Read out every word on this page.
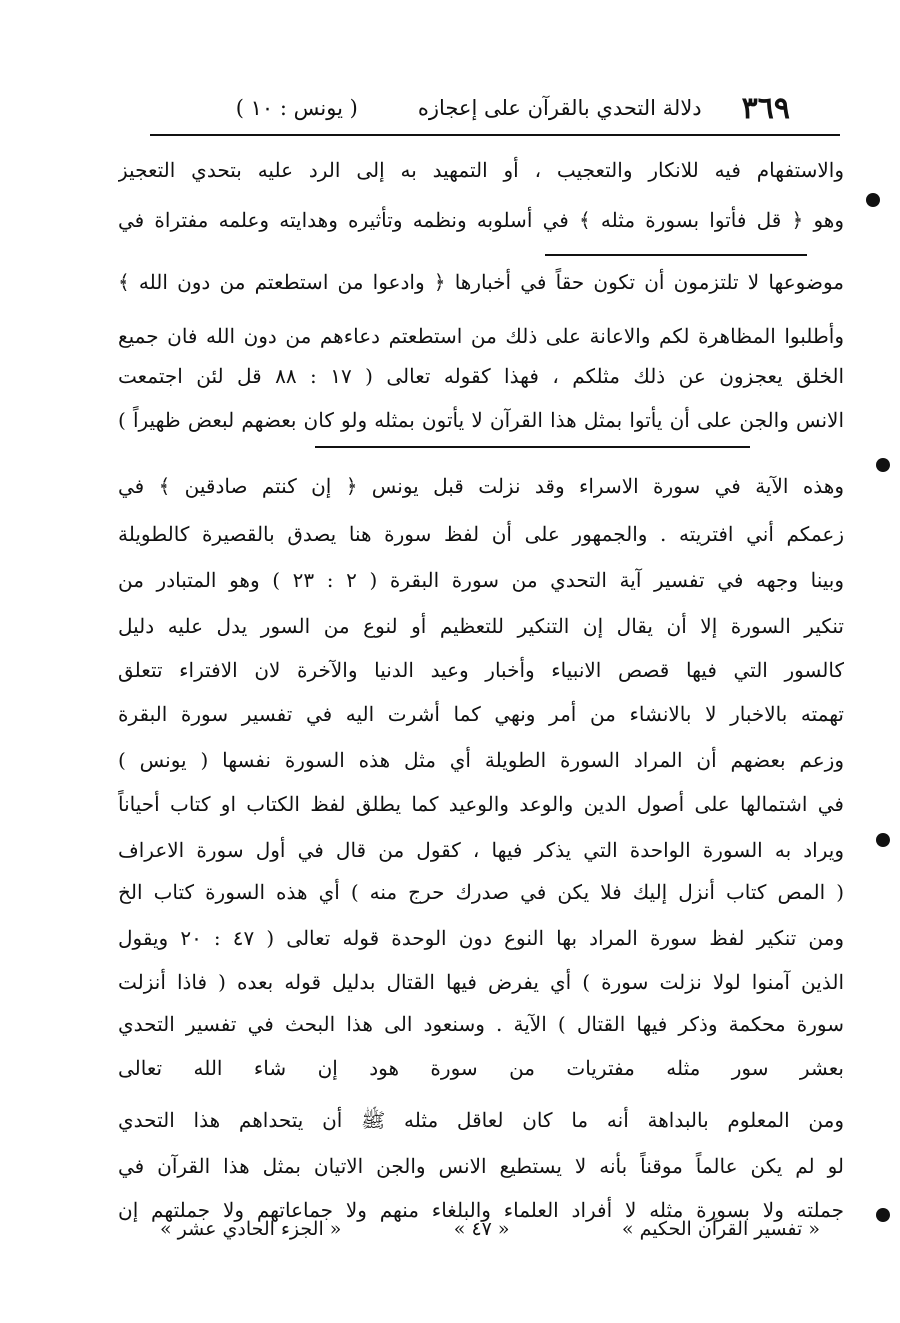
٣٦٩
دلالة التحدي بالقرآن على إعجازه
( يونس : ١٠ )
والاستفهام فيه للانكار والتعجيب ، أو التمهيد به إلى الرد عليه بتحدي التعجيز
وهو ﴿ قل فأتوا بسورة مثله ﴾ في أسلوبه ونظمه وتأثيره وهدايته وعلمه مفتراة في
موضوعها لا تلتزمون أن تكون حقاً في أخبارها ﴿ وادعوا من استطعتم من دون الله ﴾
وأطلبوا المظاهرة لكم والاعانة على ذلك من استطعتم دعاءهم من دون الله فان جميع
الخلق يعجزون عن ذلك مثلكم ، فهذا كقوله تعالى ( ١٧ : ٨٨ قل لئن اجتمعت
الانس والجن على أن يأتوا بمثل هذا القرآن لا يأتون بمثله ولو كان بعضهم لبعض ظهيراً )
وهذه الآية في سورة الاسراء وقد نزلت قبل يونس ﴿ إن كنتم صادقين ﴾ في
زعمكم أني افتريته . والجمهور على أن لفظ سورة هنا يصدق بالقصيرة كالطويلة
وبينا وجهه في تفسير آية التحدي من سورة البقرة ( ٢ : ٢٣ ) وهو المتبادر من
تنكير السورة إلا أن يقال إن التنكير للتعظيم أو لنوع من السور يدل عليه دليل
كالسور التي فيها قصص الانبياء وأخبار وعيد الدنيا والآخرة لان الافتراء تتعلق
تهمته بالاخبار لا بالانشاء من أمر ونهي كما أشرت اليه في تفسير سورة البقرة
وزعم بعضهم أن المراد السورة الطويلة أي مثل هذه السورة نفسها ( يونس )
في اشتمالها على أصول الدين والوعد والوعيد كما يطلق لفظ الكتاب او كتاب أحياناً
ويراد به السورة الواحدة التي يذكر فيها ، كقول من قال في أول سورة الاعراف
( المص كتاب أنزل إليك فلا يكن في صدرك حرج منه ) أي هذه السورة كتاب الخ
ومن تنكير لفظ سورة المراد بها النوع دون الوحدة قوله تعالى ( ٤٧ : ٢٠ ويقول
الذين آمنوا لولا نزلت سورة ) أي يفرض فيها القتال بدليل قوله بعده ( فاذا أنزلت
سورة محكمة وذكر فيها القتال ) الآية . وسنعود الى هذا البحث في تفسير التحدي
بعشر سور مثله مفتريات من سورة هود إن شاء الله تعالى
ومن المعلوم بالبداهة أنه ما كان لعاقل مثله ﷺ أن يتحداهم هذا التحدي
لو لم يكن عالماً موقناً بأنه لا يستطيع الانس والجن الاتيان بمثل هذا القرآن في
جملته ولا بسورة مثله لا أفراد العلماء والبلغاء منهم ولا جماعاتهم ولا جملتهم إن
« تفسير القرآن الحكيم »
« ٤٧ »
« الجزء الحادي عشر »
